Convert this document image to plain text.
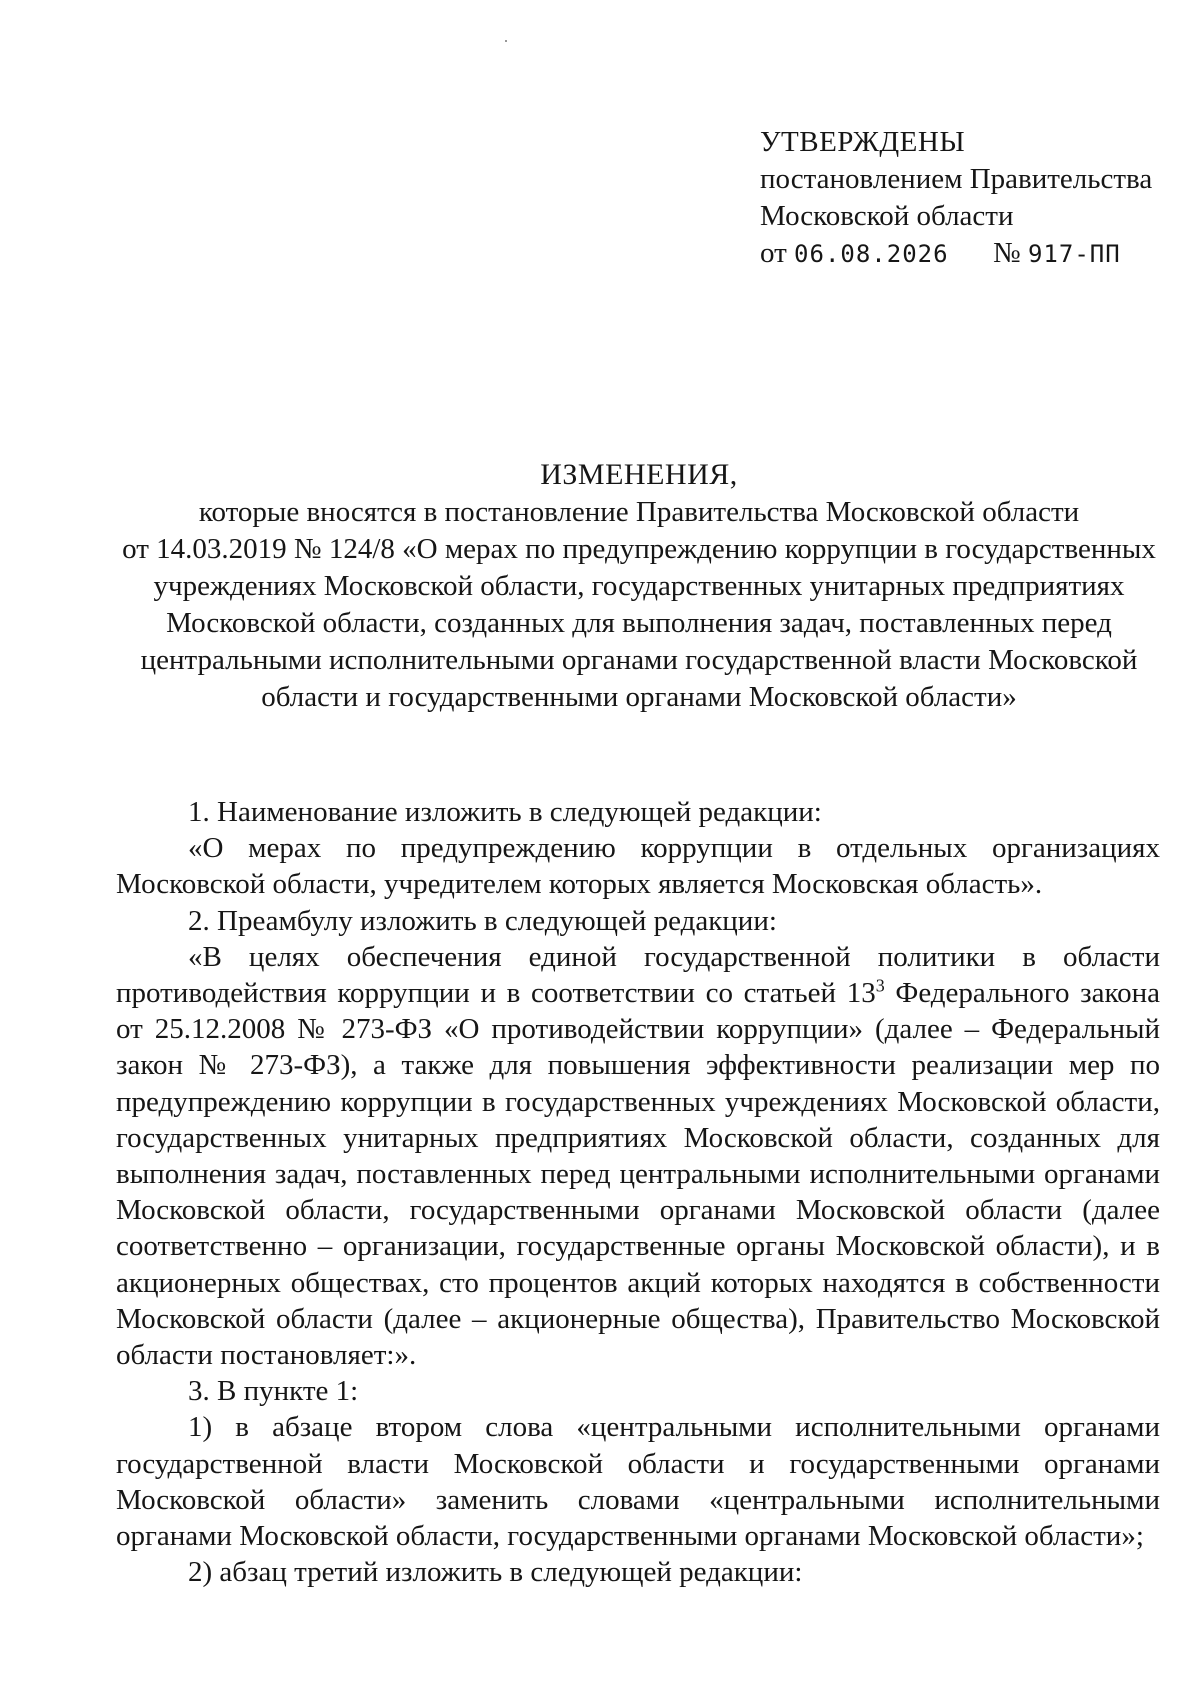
УТВЕРЖДЕНЫ
постановлением Правительства
Московской области
от 06.08.2026 № 917-ПП
ИЗМЕНЕНИЯ,
которые вносятся в постановление Правительства Московской области
от 14.03.2019 № 124/8 «О мерах по предупреждению коррупции в государственных
учреждениях Московской области, государственных унитарных предприятиях
Московской области, созданных для выполнения задач, поставленных перед
центральными исполнительными органами государственной власти Московской
области и государственными органами Московской области»

1. Наименование изложить в следующей редакции:

«О мерах по предупреждению коррупции в отдельных организациях Московской области, учредителем которых является Московская область».

2. Преамбулу изложить в следующей редакции:

«В целях обеспечения единой государственной политики в области противодействия коррупции и в соответствии со статьей $13^3$ Федерального закона от 25.12.2008 № 273-ФЗ «О противодействии коррупции» (далее – Федеральный закон № 273-ФЗ), а также для повышения эффективности реализации мер по предупреждению коррупции в государственных учреждениях Московской области, государственных унитарных предприятиях Московской области, созданных для выполнения задач, поставленных перед центральными исполнительными органами Московской области, государственными органами Московской области (далее соответственно – организации, государственные органы Московской области), и в акционерных обществах, сто процентов акций которых находятся в собственности Московской области (далее – акционерные общества), Правительство Московской области постановляет:».

3. В пункте 1:

1) в абзаце втором слова «центральными исполнительными органами государственной власти Московской области и государственными органами Московской области» заменить словами «центральными исполнительными органами Московской области, государственными органами Московской области»;

2) абзац третий изложить в следующей редакции:
